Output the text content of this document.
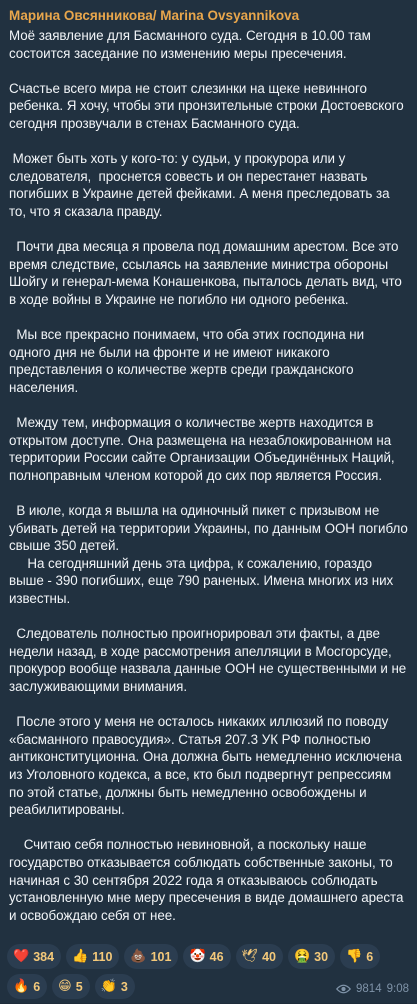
Марина Овсянникова/ Marina Ovsyannikova

Моё заявление для Басманного суда. Сегодня в 10.00 там состоится заседание по изменению меры пресечения.

Счастье всего мира не стоит слезинки на щеке невинного ребенка. Я хочу, чтобы эти пронзительные строки Достоевского сегодня прозвучали в стенах Басманного суда.

Может быть хоть у кого-то: у судьи, у прокурора или у следователя,  проснется совесть и он перестанет назвать погибших в Украине детей фейками. А меня преследовать за то, что я сказала правду.

Почти два месяца я провела под домашним арестом. Все это время следствие, ссылаясь на заявление министра обороны Шойгу и генерал-мема Конашенкова, пыталось делать вид, что в ходе войны в Украине не погибло ни одного ребенка.

Мы все прекрасно понимаем, что оба этих господина ни одного дня не были на фронте и не имеют никакого представления о количестве жертв среди гражданского населения.

Между тем, информация о количестве жертв находится в открытом доступе. Она размещена на незаблокированном на территории России сайте Организации Объединённых Наций, полноправным членом которой до сих пор является Россия.

В июле, когда я вышла на одиночный пикет с призывом не убивать детей на территории Украины, по данным ООН погибло свыше 350 детей.

На сегодняшний день эта цифра, к сожалению, гораздо выше - 390 погибших, еще 790 раненых. Имена многих из них известны.

Следователь полностью проигнорировал эти факты, а две недели назад, в ходе рассмотрения апелляции в Мосгорсуде, прокурор вообще назвала данные ООН не существенными и не заслуживающими внимания.

После этого у меня не осталось никаких иллюзий по поводу «басманного правосудия». Статья 207.3 УК РФ полностью антиконституционна. Она должна быть немедленно исключена из Уголовного кодекса, а все, кто был подвергнут репрессиям по этой статье, должны быть немедленно освобождены и реабилитированы.

Считаю себя полностью невиновной, а поскольку наше государство отказывается соблюдать собственные законы, то начиная с 30 сентября 2022 года я отказываюсь соблюдать установленную мне меру пресечения в виде домашнего ареста и освобождаю себя от нее.

❤️ 384 👍 110 💩 101 🤡 46 🕊 40 🤮 30 👎 6
🔥 6 😁 5 👏 3	9814 9:08
